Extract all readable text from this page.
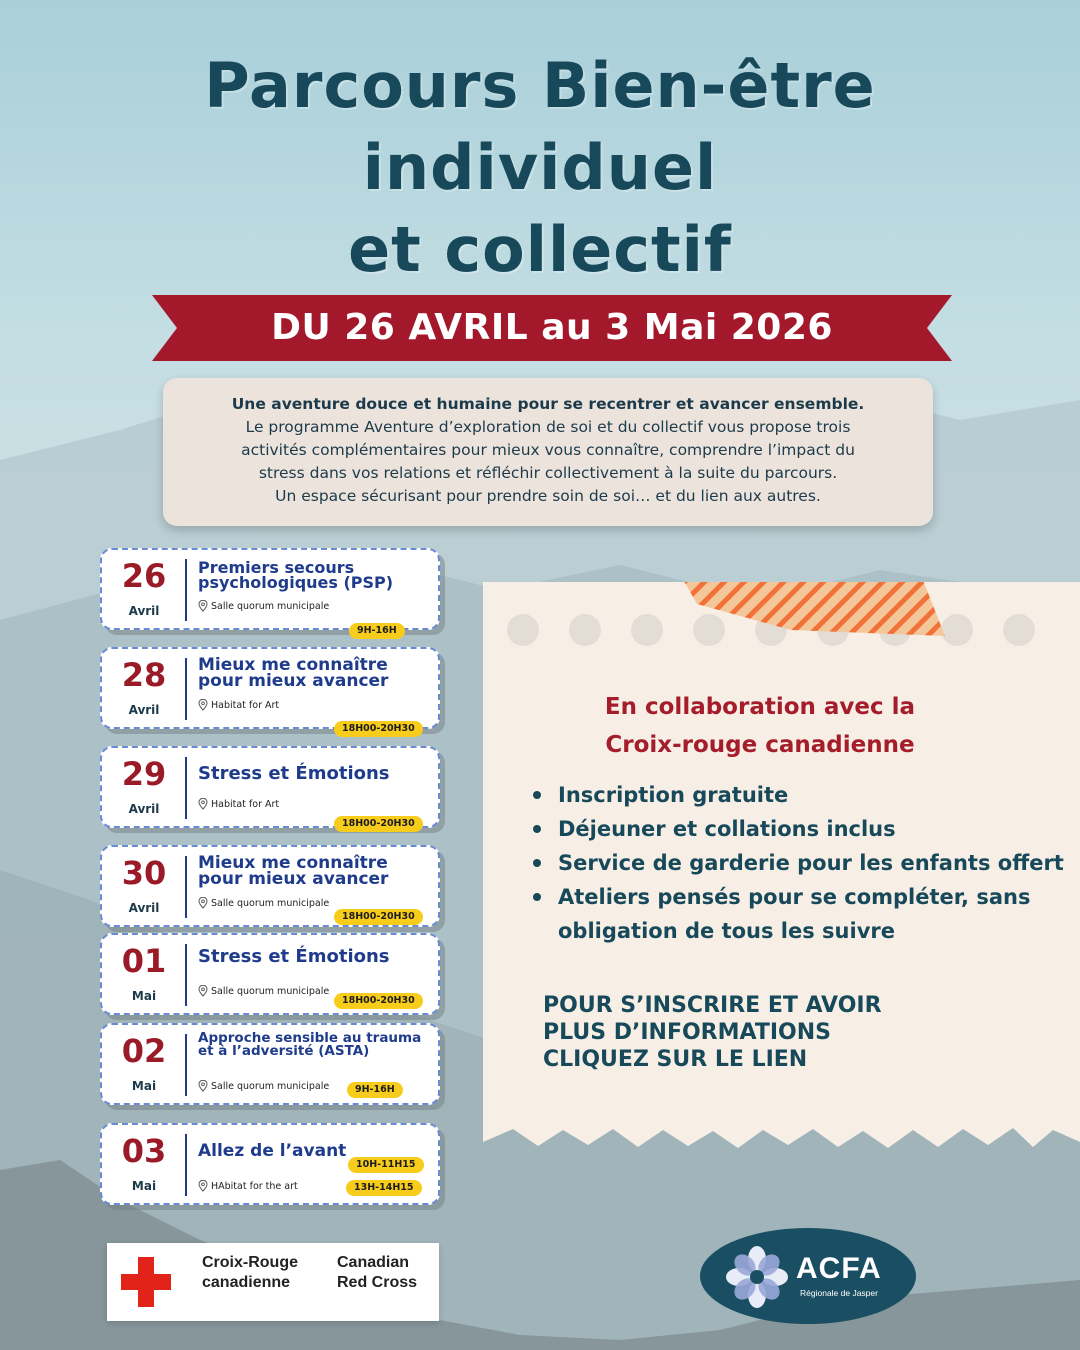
Parcours Bien-être
individuel
et collectif
DU 26 AVRIL au 3 Mai 2026
Une aventure douce et humaine pour se recentrer et avancer ensemble.
Le programme Aventure d’exploration de soi et du collectif vous propose trois
activités complémentaires pour mieux vous connaître, comprendre l’impact du
stress dans vos relations et réfléchir collectivement à la suite du parcours.
Un espace sécurisant pour prendre soin de soi… et du lien aux autres.
26
Avril
Premiers secours psychologiques (PSP)
Salle quorum municipale
9H-16H
28
Avril
Mieux me connaître pour mieux avancer
Habitat for Art
18H00-20H30
29
Avril
Stress et Émotions
Habitat for Art
18H00-20H30
30
Avril
Mieux me connaître pour mieux avancer
Salle quorum municipale
18H00-20H30
01
Mai
Stress et Émotions
Salle quorum municipale
18H00-20H30
02
Mai
Approche sensible au trauma et à l’adversité (ASTA)
Salle quorum municipale	9H-16H
03
Mai
Allez de l’avant
HAbitat for the art
10H-11H15
13H-14H15
En collaboration avec la
Croix-rouge canadienne
Inscription gratuite
Déjeuner et collations inclus
Service de garderie pour les enfants offert
Ateliers pensés pour se compléter, sans obligation de tous les suivre
POUR S’INSCRIRE ET AVOIR
PLUS D’INFORMATIONS
CLIQUEZ SUR LE LIEN
Croix-Rouge
canadienne
Canadian
Red Cross	ACFA
Régionale de Jasper
